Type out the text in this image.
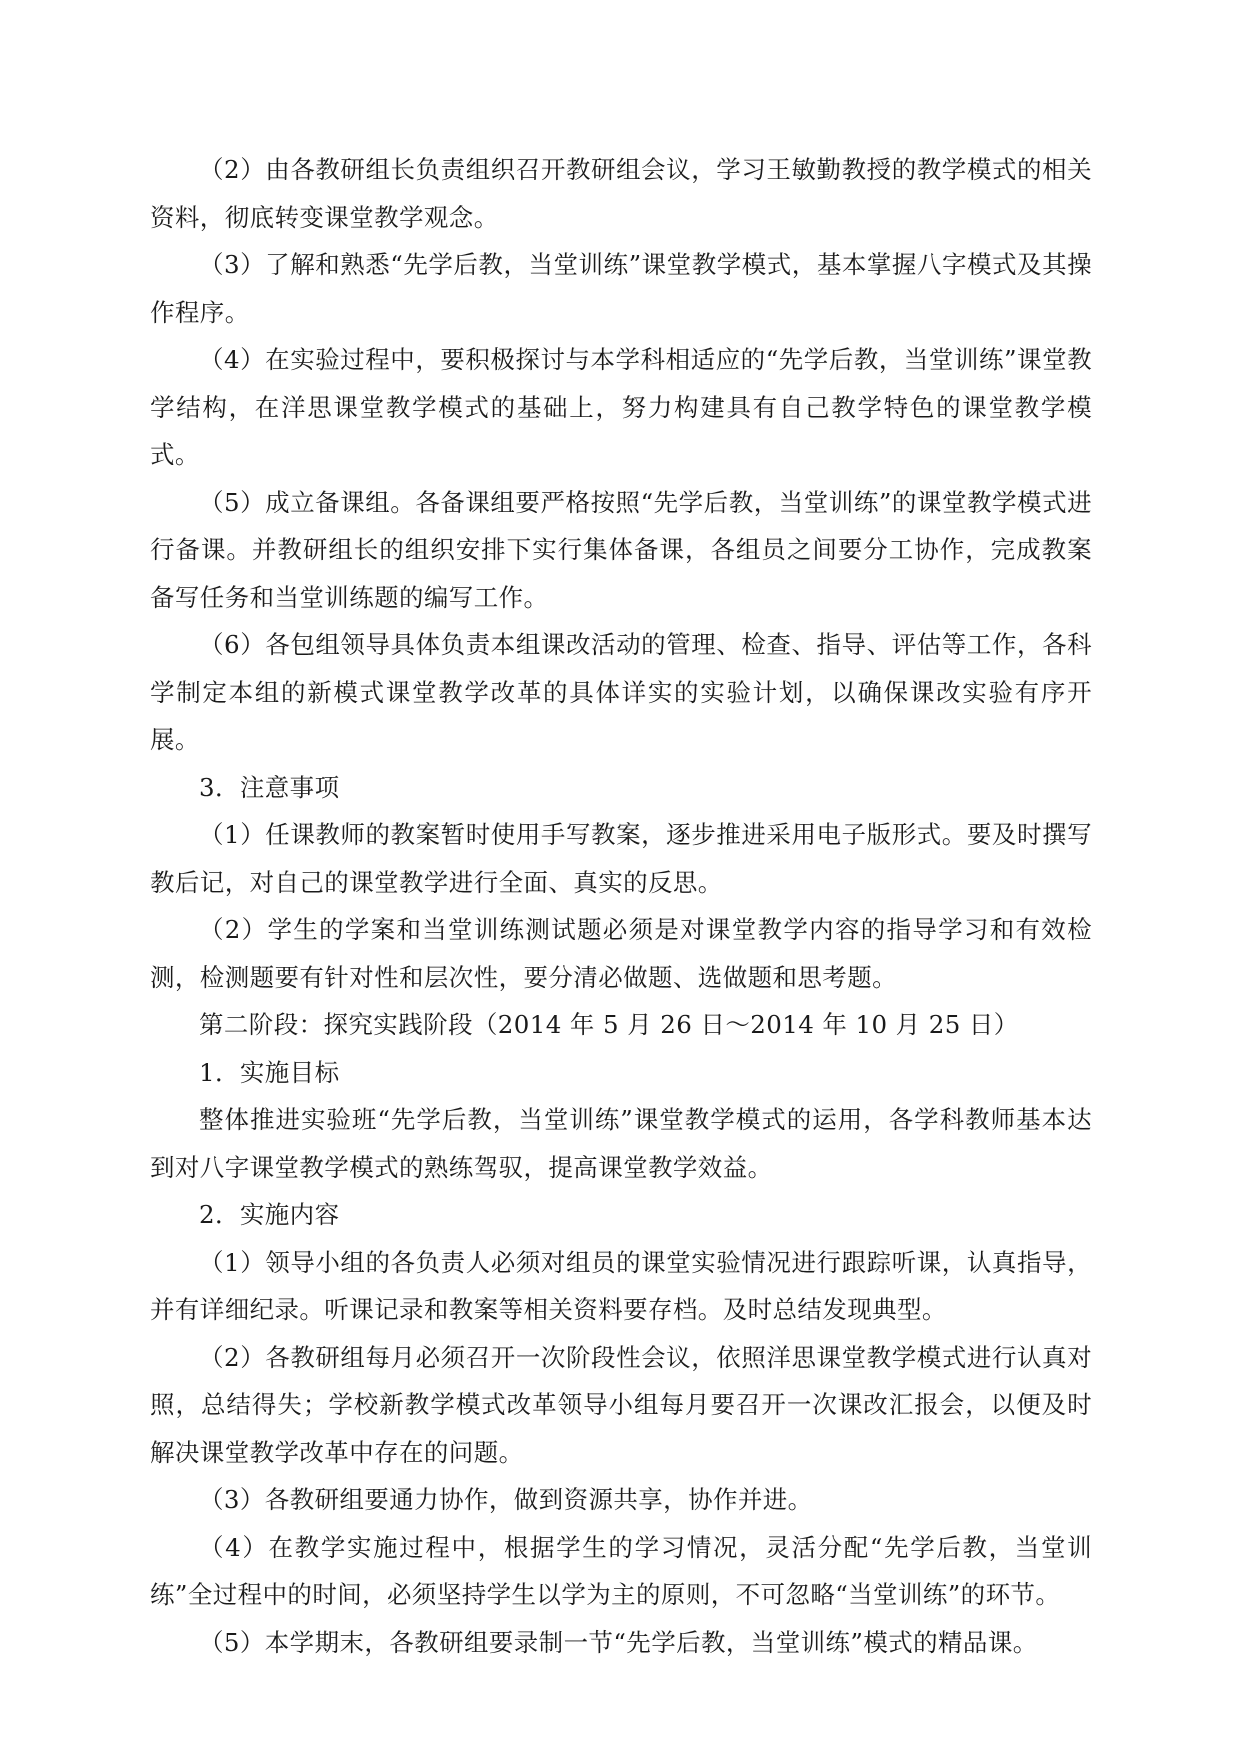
（2）由各教研组长负责组织召开教研组会议，学习王敏勤教授的教学模式的相关资料，彻底转变课堂教学观念。

（3）了解和熟悉“先学后教，当堂训练”课堂教学模式，基本掌握八字模式及其操作程序。

（4）在实验过程中，要积极探讨与本学科相适应的“先学后教，当堂训练”课堂教学结构，在洋思课堂教学模式的基础上，努力构建具有自己教学特色的课堂教学模式。

（5）成立备课组。各备课组要严格按照“先学后教，当堂训练”的课堂教学模式进行备课。并教研组长的组织安排下实行集体备课，各组员之间要分工协作，完成教案备写任务和当堂训练题的编写工作。

（6）各包组领导具体负责本组课改活动的管理、检查、指导、评估等工作，各科学制定本组的新模式课堂教学改革的具体详实的实验计划，以确保课改实验有序开展。

3．注意事项

（1）任课教师的教案暂时使用手写教案，逐步推进采用电子版形式。要及时撰写教后记，对自己的课堂教学进行全面、真实的反思。

（2）学生的学案和当堂训练测试题必须是对课堂教学内容的指导学习和有效检测，检测题要有针对性和层次性，要分清必做题、选做题和思考题。

第二阶段：探究实践阶段（2014 年 5 月 26 日～2014 年 10 月 25 日）

1．实施目标

整体推进实验班“先学后教，当堂训练”课堂教学模式的运用，各学科教师基本达到对八字课堂教学模式的熟练驾驭，提高课堂教学效益。

2．实施内容

（1）领导小组的各负责人必须对组员的课堂实验情况进行跟踪听课，认真指导，并有详细纪录。听课记录和教案等相关资料要存档。及时总结发现典型。

（2）各教研组每月必须召开一次阶段性会议，依照洋思课堂教学模式进行认真对照，总结得失；学校新教学模式改革领导小组每月要召开一次课改汇报会，以便及时解决课堂教学改革中存在的问题。

（3）各教研组要通力协作，做到资源共享，协作并进。

（4）在教学实施过程中，根据学生的学习情况，灵活分配“先学后教，当堂训练”全过程中的时间，必须坚持学生以学为主的原则，不可忽略“当堂训练”的环节。

（5）本学期末，各教研组要录制一节“先学后教，当堂训练”模式的精品课。
